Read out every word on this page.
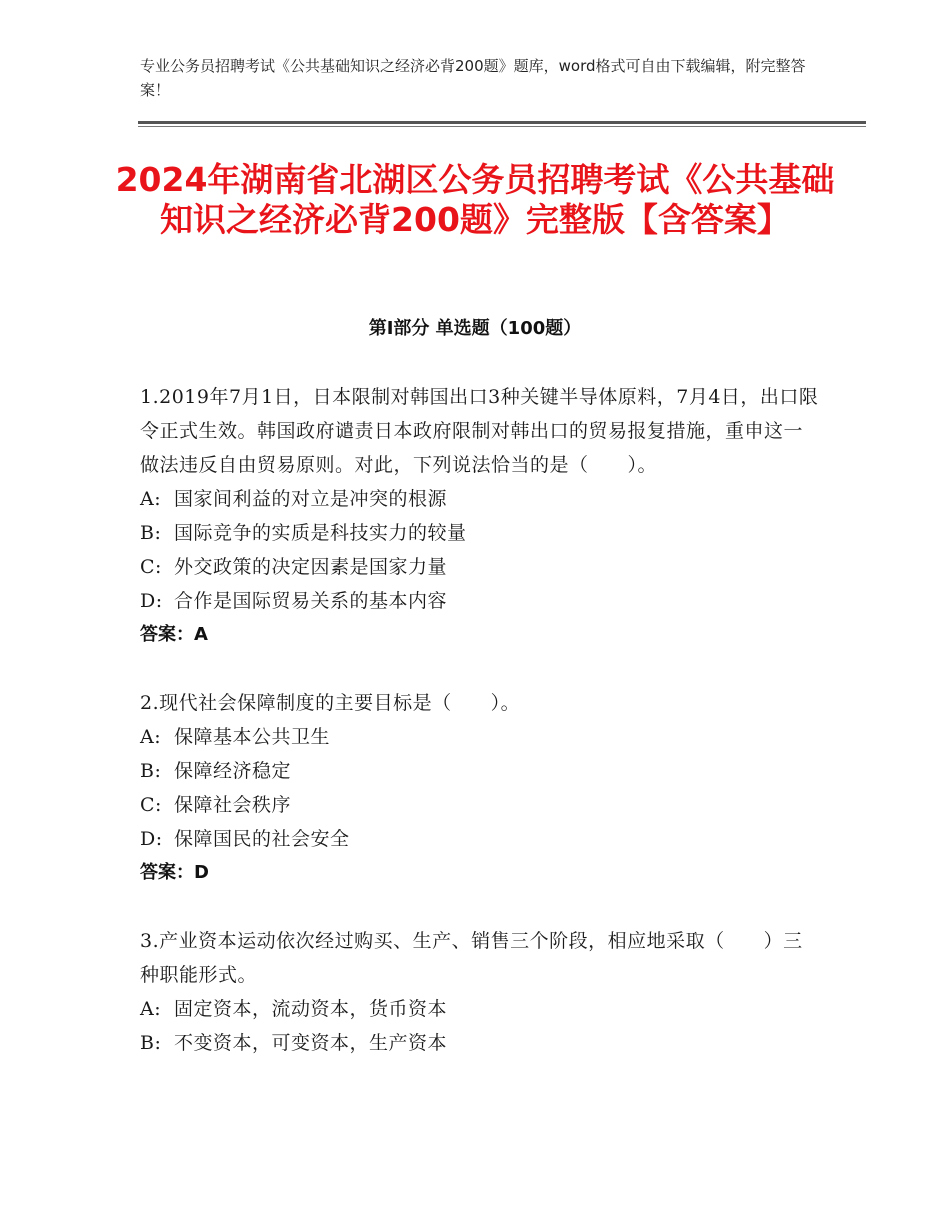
专业公务员招聘考试《公共基础知识之经济必背200题》题库，word格式可自由下载编辑，附完整答案！
2024年湖南省北湖区公务员招聘考试《公共基础知识之经济必背200题》完整版【含答案】
第I部分 单选题（100题）

1.2019年7月1日，日本限制对韩国出口3种关键半导体原料，7月4日，出口限令正式生效。韩国政府谴责日本政府限制对韩出口的贸易报复措施，重申这一做法违反自由贸易原则。对此，下列说法恰当的是（　　）。

A: 国家间利益的对立是冲突的根源
B: 国际竞争的实质是科技实力的较量
C: 外交政策的决定因素是国家力量
D: 合作是国际贸易关系的基本内容
答案：A

2.现代社会保障制度的主要目标是（　　）。

A: 保障基本公共卫生
B: 保障经济稳定
C: 保障社会秩序
D: 保障国民的社会安全
答案：D

3.产业资本运动依次经过购买、生产、销售三个阶段，相应地采取（　　）三种职能形式。

A: 固定资本，流动资本，货币资本
B: 不变资本，可变资本，生产资本
